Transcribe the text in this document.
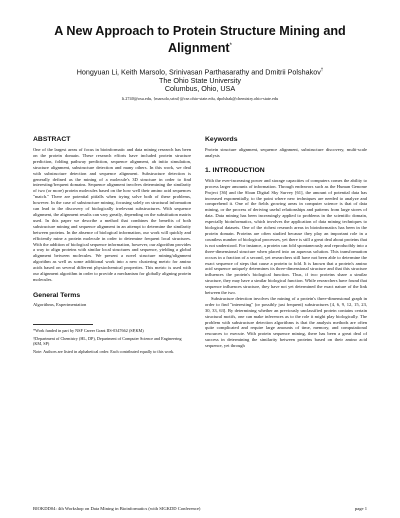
A New Approach to Protein Structure Mining and
Alignment*
Hongyuan Li, Keith Marsolo, Srinivasan Parthasarathy and Dmitrii Polshakov†
The Ohio State University
Columbus, Ohio, USA
li.2740@osu.edu, {marsolo,srini}@cse.ohio-state.edu, dpolshak@chemistry.ohio-state.edu
ABSTRACT

One of the largest areas of focus in bioinformatic and data mining research has been on the protein domain. These research efforts have included protein structure prediction, folding pathway prediction, sequence alignment, ab initio simulation, structure alignment, substructure detection and many others. In this work, we deal with substructure detection and sequence alignment. Substructure detection is generally defined as the mining of a molecule's 3D structure in order to find interesting/frequent domains. Sequence alignment involves determining the similarity of two (or more) protein molecules based on the how well their amino acid sequences "match." There are potential pitfalls when trying solve both of these problems, however. In the case of substructure mining, focusing solely on structural information can lead to the discovery of biologically irrelevant substructures. With sequence alignment, the alignment results can vary greatly, depending on the substitution matrix used. In this paper we describe a method that combines the benefits of both substructure mining and sequence alignment in an attempt to determine the similarity between proteins. In the absence of biological information, our work will quickly and efficiently mine a protein molecule in order to determine frequent local structures. With the addition of biological sequence information, however, our algorithm provides a way to align proteins with similar local structures and sequence, yielding a global alignment between molecules. We present a novel structure mining/alignment algorithm as well as some additional work into a new clustering metric for amino acids based on several different physiochemical properties. This metric is used with our alignment algorithm in order to provide a mechanism for globally aligning protein molecules.

General Terms

Algorithms, Experimentation

*Work funded in part by NSF Career Grant IIS-0347662 (SP,KM)

†Department of Chemistry (HL, DP), Department of Computer Science and Engineering (KM, SP)

Note: Authors are listed in alphabetical order. Each contributed equally to this work.

Keywords

Protein structure alignment, sequence alignment, substructure discovery, multi-scale analysis

1. INTRODUCTION

With the ever-increasing power and storage capacities of computers comes the ability to process larger amounts of information. Through endeavors such as the Human Genome Project [36] and the Sloan Digital Sky Survey [61], the amount of potential data has increased exponentially, to the point where new techniques are needed to analyze and comprehend it. One of the fields growing areas in computer science is that of data mining, or the process of deriving useful relationships and patterns from large stores of data. Data mining has been increasingly applied to problems in the scientific domain, especially bioinformatics, which involves the application of data mining techniques to biological datasets. One of the richest research areas in bioinformatics has been in the protein domain. Proteins are often studied because they play an important role in a countless number of biological processes, yet there is still a great deal about proteins that is not understood. For instance, a protein can fold spontaneously and reproducibly into a three-dimensional structure when placed into an aqueous solution. This transformation occurs in a fraction of a second, yet researchers still have not been able to determine the exact sequence of steps that cause a protein to fold. It is known that a protein's amino acid sequence uniquely determines its three-dimensional structure and that this structure influences the protein's biological function. Thus, if two proteins share a similar structure, they may have a similar biological function. While researchers have found that sequence influences structure, they have not yet determined the exact nature of the link between the two.

Substructure detection involves the mining of a protein's three-dimensional graph in order to find "interesting" (or possibly just frequent) substructures [4, 6, 9, 12, 15, 23, 30, 33, 63]. By determining whether an previously unclassified protein contains certain structural motifs, one can make inferences as to the role it might play biologically. The problem with substructure detection algorithms is that the analysis methods are often quite complicated and require large amounts of time, memory, and computational resources to execute. With protein sequence mining, there has been a great deal of success in determining the similarity between proteins based on their amino acid sequence, yet through

BIOKDD04: 4th Workshop on Data Mining in Bioinformatics (with SIGKDD Conference)	page 1
